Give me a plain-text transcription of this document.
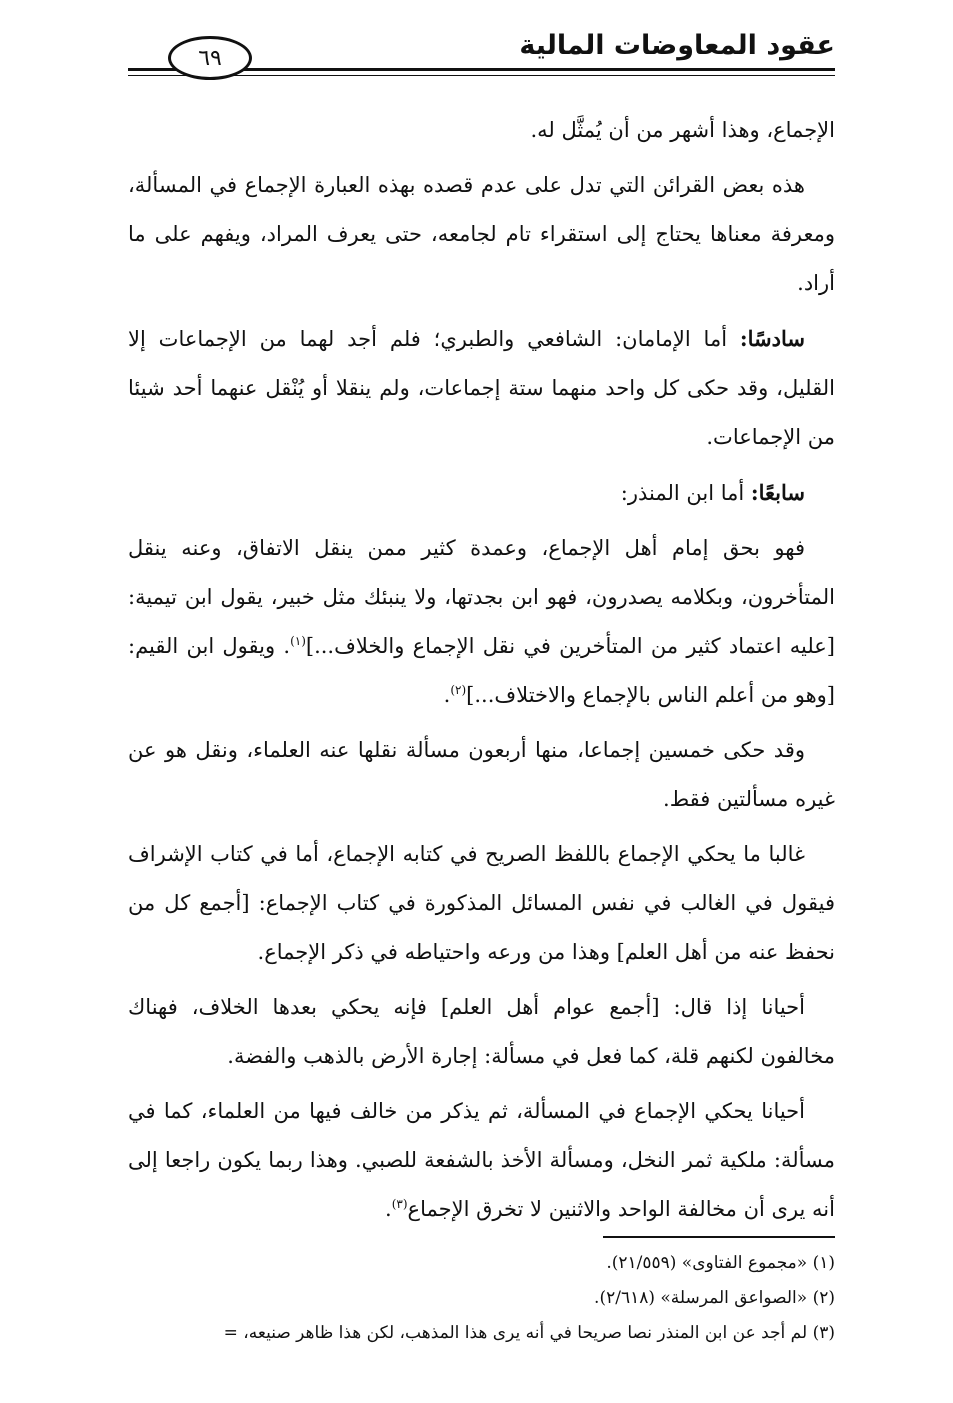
عقود المعاوضات المالية
٦٩

الإجماع، وهذا أشهر من أن يُمثَّل له.

هذه بعض القرائن التي تدل على عدم قصده بهذه العبارة الإجماع في المسألة، ومعرفة معناها يحتاج إلى استقراء تام لجامعه، حتى يعرف المراد، ويفهم على ما أراد.

سادسًا: أما الإمامان: الشافعي والطبري؛ فلم أجد لهما من الإجماعات إلا القليل، وقد حكى كل واحد منهما ستة إجماعات، ولم ينقلا أو يُنْقل عنهما أحد شيئا من الإجماعات.

سابعًا: أما ابن المنذر:

فهو بحق إمام أهل الإجماع، وعمدة كثير ممن ينقل الاتفاق، وعنه ينقل المتأخرون، وبكلامه يصدرون، فهو ابن بجدتها، ولا ينبئك مثل خبير، يقول ابن تيمية: [عليه اعتماد كثير من المتأخرين في نقل الإجماع والخلاف...]$^{(١)}$. ويقول ابن القيم: [وهو من أعلم الناس بالإجماع والاختلاف...]$^{(٢)}$.

وقد حكى خمسين إجماعا، منها أربعون مسألة نقلها عنه العلماء، ونقل هو عن غيره مسألتين فقط.

غالبا ما يحكي الإجماع باللفظ الصريح في كتابه الإجماع، أما في كتاب الإشراف فيقول في الغالب في نفس المسائل المذكورة في كتاب الإجماع: [أجمع كل من نحفظ عنه من أهل العلم] وهذا من ورعه واحتياطه في ذكر الإجماع.

أحيانا إذا قال: [أجمع عوام أهل العلم] فإنه يحكي بعدها الخلاف، فهناك مخالفون لكنهم قلة، كما فعل في مسألة: إجارة الأرض بالذهب والفضة.

أحيانا يحكي الإجماع في المسألة، ثم يذكر من خالف فيها من العلماء، كما في مسألة: ملكية ثمر النخل، ومسألة الأخذ بالشفعة للصبي. وهذا ربما يكون راجعا إلى أنه يرى أن مخالفة الواحد والاثنين لا تخرق الإجماع$^{(٣)}$.

(١) «مجموع الفتاوى» (٢١/٥٥٩).

(٢) «الصواعق المرسلة» (٢/٦١٨).

(٣) لم أجد عن ابن المنذر نصا صريحا في أنه يرى هذا المذهب، لكن هذا ظاهر صنيعه، =
